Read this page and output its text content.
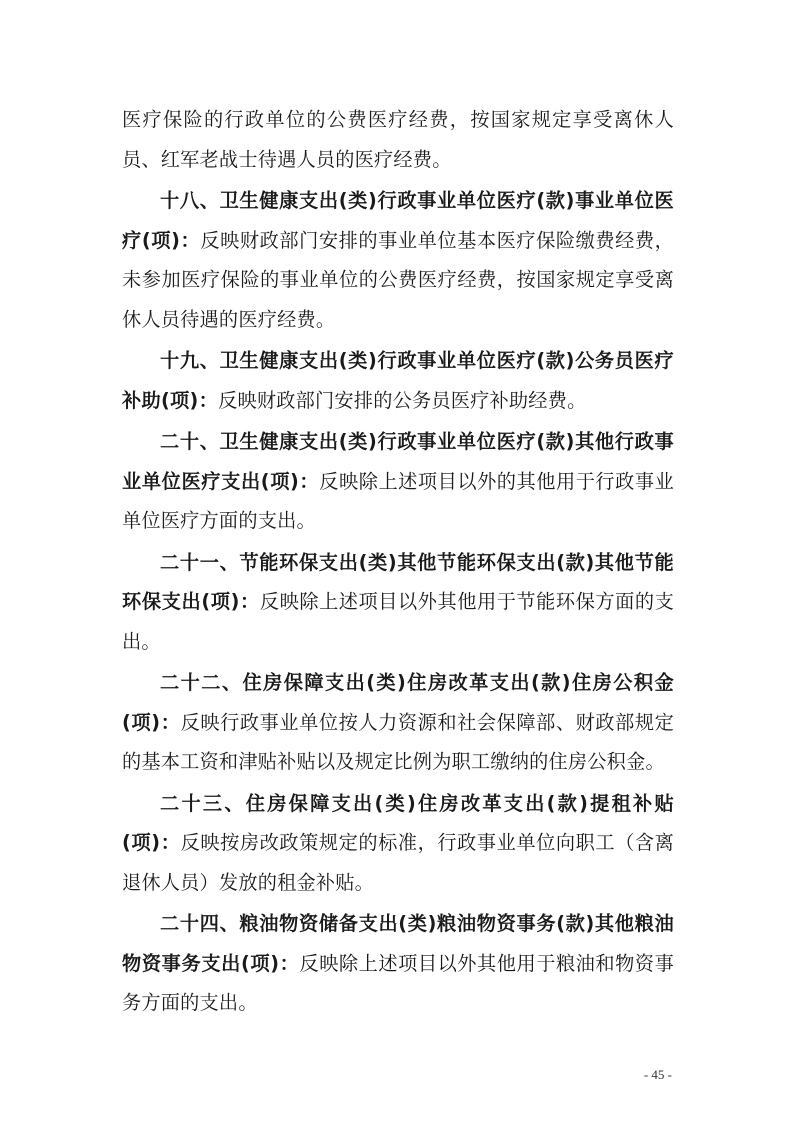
医疗保险的行政单位的公费医疗经费，按国家规定享受离休人员、红军老战士待遇人员的医疗经费。

十八、卫生健康支出(类)行政事业单位医疗(款)事业单位医疗(项)：反映财政部门安排的事业单位基本医疗保险缴费经费，未参加医疗保险的事业单位的公费医疗经费，按国家规定享受离休人员待遇的医疗经费。

十九、卫生健康支出(类)行政事业单位医疗(款)公务员医疗补助(项)：反映财政部门安排的公务员医疗补助经费。

二十、卫生健康支出(类)行政事业单位医疗(款)其他行政事业单位医疗支出(项)：反映除上述项目以外的其他用于行政事业单位医疗方面的支出。

二十一、节能环保支出(类)其他节能环保支出(款)其他节能环保支出(项)：反映除上述项目以外其他用于节能环保方面的支出。

二十二、住房保障支出(类)住房改革支出(款)住房公积金(项)：反映行政事业单位按人力资源和社会保障部、财政部规定的基本工资和津贴补贴以及规定比例为职工缴纳的住房公积金。

二十三、住房保障支出(类)住房改革支出(款)提租补贴(项)：反映按房改政策规定的标准，行政事业单位向职工（含离退休人员）发放的租金补贴。

二十四、粮油物资储备支出(类)粮油物资事务(款)其他粮油物资事务支出(项)：反映除上述项目以外其他用于粮油和物资事务方面的支出。

- 45 -
